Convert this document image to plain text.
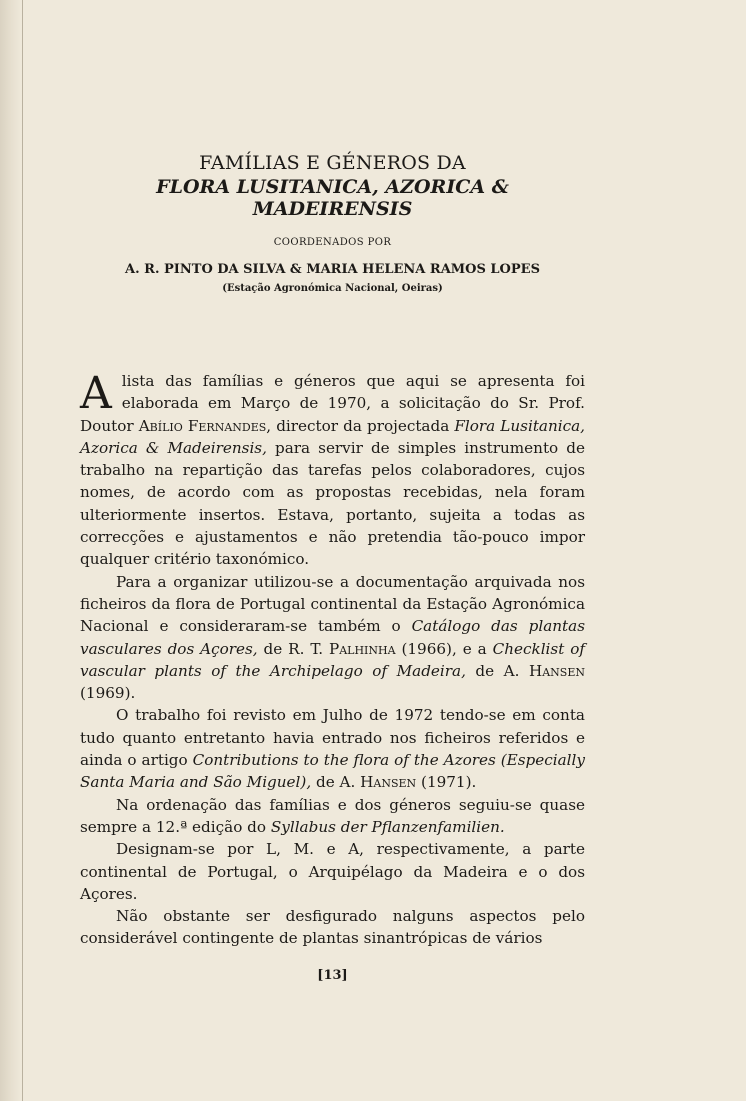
FAMÍLIAS E GÉNEROS DA
FLORA LUSITANICA, AZORICA & MADEIRENSIS
COORDENADOS POR
A. R. PINTO DA SILVA & MARIA HELENA RAMOS LOPES
(Estação Agronómica Nacional, Oeiras)

A lista das famílias e géneros que aqui se apresenta foi elaborada em Março de 1970, a solicitação do Sr. Prof. Doutor Abílio Fernandes, director da projectada Flora Lusitanica, Azorica & Madeirensis, para servir de simples instrumento de trabalho na repartição das tarefas pelos colaboradores, cujos nomes, de acordo com as propostas recebidas, nela foram ulteriormente insertos. Estava, portanto, sujeita a todas as correcções e ajustamentos e não pretendia tão-pouco impor qualquer critério taxonómico.

Para a organizar utilizou-se a documentação arquivada nos ficheiros da flora de Portugal continental da Estação Agronómica Nacional e consideraram-se também o Catálogo das plantas vasculares dos Açores, de R. T. Palhinha (1966), e a Checklist of vascular plants of the Archipelago of Madeira, de A. Hansen (1969).

O trabalho foi revisto em Julho de 1972 tendo-se em conta tudo quanto entretanto havia entrado nos ficheiros referidos e ainda o artigo Contributions to the flora of the Azores (Especially Santa Maria and São Miguel), de A. Hansen (1971).

Na ordenação das famílias e dos géneros seguiu-se quase sempre a 12.ª edição do Syllabus der Pflanzenfamilien.

Designam-se por L, M. e A, respectivamente, a parte continental de Portugal, o Arquipélago da Madeira e o dos Açores.

Não obstante ser desfigurado nalguns aspectos pelo considerável contingente de plantas sinantrópicas de vários

[13]
